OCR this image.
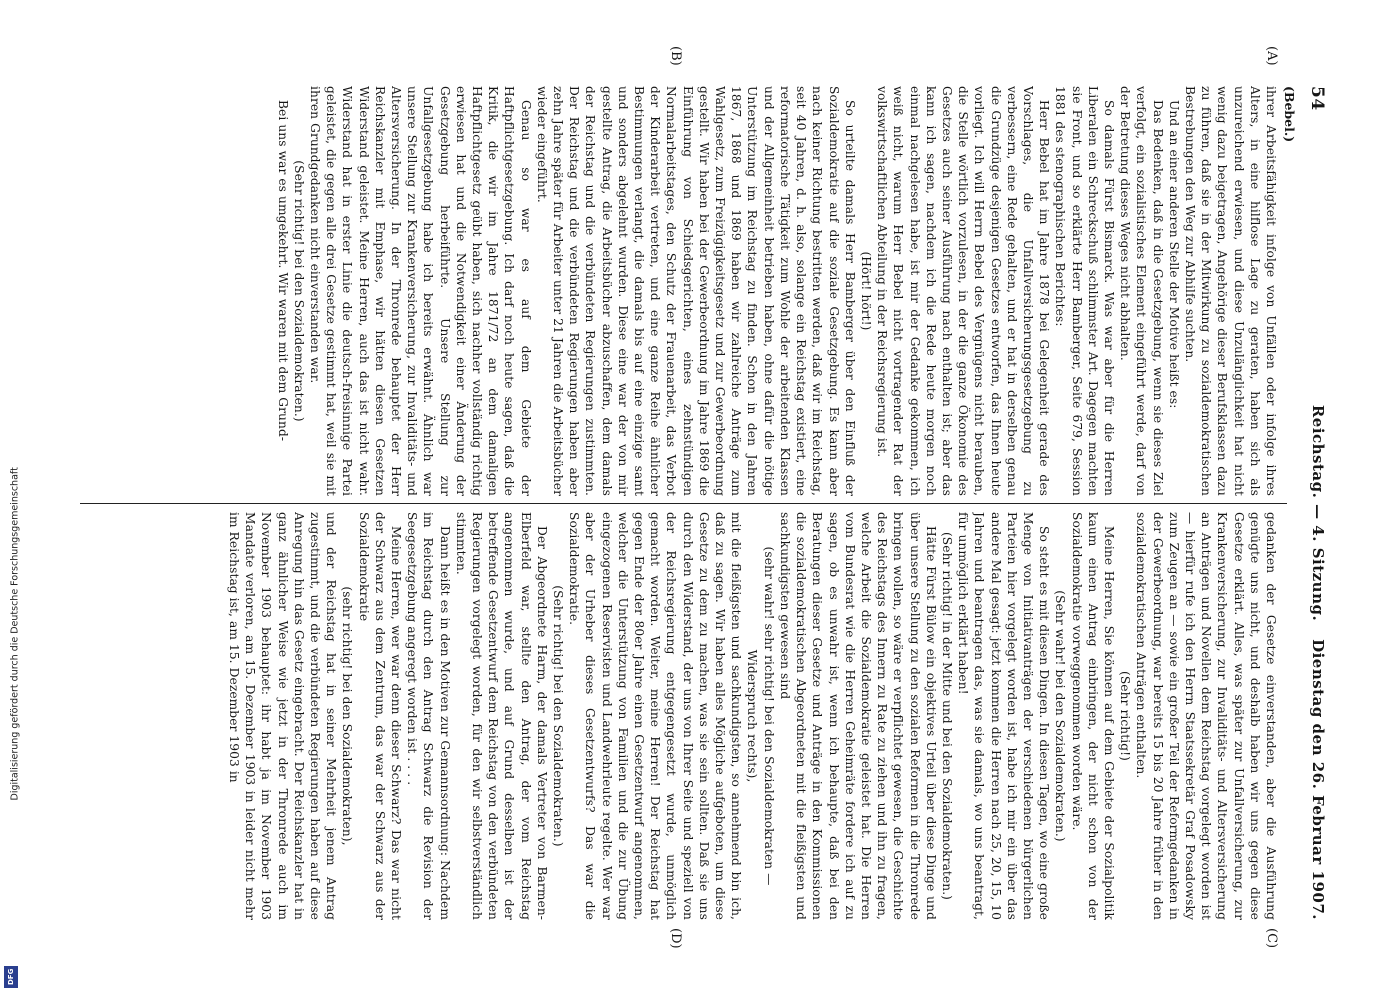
54
Reichstag. — 4. Sitzung.
Dienstag den 26. Februar 1907.
(Bebel.)
(A)
(B)
(C)
(D)

ihrer Arbeitsfähigkeit infolge von Unfällen oder infolge ihres Alters, in eine hilflose Lage zu geraten, haben sich als unzureichend erwiesen, und diese Unzulänglichkeit hat nicht wenig dazu beigetragen, Angehörige dieser Berufsklassen dazu zu führen, daß sie in der Mitwirkung zu sozialdemokratischen Bestrebungen den Weg zur Abhilfe suchten.

Und an einer anderen Stelle der Motive heißt es:

Das Bedenken, daß in die Gesetzgebung, wenn sie dieses Ziel verfolgt, ein sozialistisches Element eingeführt werde, darf von der Betretung dieses Weges nicht abhalten.

So damals Fürst Bismarck. Was war aber für die Herren Liberalen ein Schreckschuß schlimmster Art. Dagegen machten sie Front, und so erklärte Herr Bamberger, Seite 679, Session 1881 des stenographischen Berichtes:

Herr Bebel hat im Jahre 1878 bei Gelegenheit gerade des Vorschlages, die Unfallversicherungsgesetzgebung zu verbessern, eine Rede gehalten, und er hat in derselben genau die Grundzüge desjenigen Gesetzes entworfen, das Ihnen heute vorliegt. Ich will Herrn Bebel des Vergnügens nicht berauben, die Stelle wörtlich vorzulesen, in der die ganze Ökonomie des Gesetzes auch seiner Ausführung nach enthalten ist; aber das kann ich sagen, nachdem ich die Rede heute morgen noch einmal nachgelesen habe, ist mir der Gedanke gekommen, ich weiß nicht, warum Herr Bebel nicht vortragender Rat der volkswirtschaftlichen Abteilung in der Reichsregierung ist.

(Hört! hört!)

So urteilte damals Herr Bamberger über den Einfluß der Sozialdemokratie auf die soziale Gesetzgebung. Es kann aber nach keiner Richtung bestritten werden, daß wir im Reichstag, seit 40 Jahren, d. h. also, solange ein Reichstag existiert, eine reformatorische Tätigkeit zum Wohle der arbeitenden Klassen und der Allgemeinheit betrieben haben, ohne dafür die nötige Unterstützung im Reichstag zu finden. Schon in den Jahren 1867, 1868 und 1869 haben wir zahlreiche Anträge zum Wahlgesetz, zum Freizügigkeitsgesetz und zur Gewerbeordnung gestellt. Wir haben bei der Gewerbeordnung im Jahre 1869 die Einführung von Schiedsgerichten, eines zehnstündigen Normalarbeitstages, den Schutz der Frauenarbeit, das Verbot der Kinderarbeit vertreten, und eine ganze Reihe ähnlicher Bestimmungen verlangt, die damals bis auf eine einzige samt und sonders abgelehnt wurden. Diese eine war der von mir gestellte Antrag, die Arbeitsbücher abzuschaffen, dem damals der Reichstag und die verbündeten Regierungen zustimmten. Der Reichstag und die verbündeten Regierungen haben aber zehn Jahre später für Arbeiter unter 21 Jahren die Arbeitsbücher wieder eingeführt.

Genau so war es auf dem Gebiete der Haftpflichtgesetzgebung. Ich darf noch heute sagen, daß die Kritik, die wir im Jahre 1871/72 an dem damaligen Haftpflichtgesetz geübt haben, sich nachher vollständig richtig erwiesen hat und die Notwendigkeit einer Änderung der Gesetzgebung herbeiführte. Unsere Stellung zur Unfallgesetzgebung habe ich bereits erwähnt. Ähnlich war unsere Stellung zur Krankenversicherung, zur Invaliditäts- und Altersversicherung. In der Thronrede behauptet der Herr Reichskanzler mit Emphase, wir hätten diesen Gesetzen Widerstand geleistet. Meine Herren, auch das ist nicht wahr. Widerstand hat in erster Linie die deutsch-freisinnige Partei geleistet, die gegen alle drei Gesetze gestimmt hat, weil sie mit ihren Grundgedanken nicht einverstanden war.

(Sehr richtig! bei den Sozialdemokraten.)

Bei uns war es umgekehrt. Wir waren mit dem Grund-

gedanken der Gesetze einverstanden, aber die Ausführung genügte uns nicht, und deshalb haben wir uns gegen diese Gesetze erklärt. Alles, was später zur Unfallversicherung, zur Krankenversicherung, zur Invaliditäts- und Altersversicherung an Anträgen und Novellen dem Reichstag vorgelegt worden ist — hierfür rufe ich den Herrn Staatssekretär Graf Posadowsky zum Zeugen an — sowie ein großer Teil der Reformgedanken in der Gewerbeordnung, war bereits 15 bis 20 Jahre früher in den sozialdemokratischen Anträgen enthalten.

(Sehr richtig!)

Meine Herren, Sie können auf dem Gebiete der Sozialpolitik kaum einen Antrag einbringen, der nicht schon von der Sozialdemokratie vorweggenommen worden wäre.

(Sehr wahr! bei den Sozialdemokraten.)

So steht es mit diesen Dingen. In diesen Tagen, wo eine große Menge von Initiativanträgen der verschiedenen bürgerlichen Parteien hier vorgelegt worden ist, habe ich mir ein über das andere Mal gesagt: jetzt kommen die Herren nach 25, 20, 15, 10 Jahren und beantragen das, was sie damals, wo uns beantragt, für unmöglich erklärt haben!

(Sehr richtig! in der Mitte und bei den Sozialdemokraten.)

Hätte Fürst Bülow ein objektives Urteil über diese Dinge und über unsere Stellung zu den sozialen Reformen in die Thronrede bringen wollen, so wäre er verpflichtet gewesen, die Geschichte des Reichstags des Innern zu Rate zu ziehen und ihn zu fragen, welche Arbeit die Sozialdemokratie geleistet hat. Die Herren vom Bundesrat wie die Herren Geheimräte fordere ich auf zu sagen, ob es unwahr ist, wenn ich behaupte, daß bei den Beratungen dieser Gesetze und Anträge in den Kommissionen die sozialdemokratischen Abgeordneten mit die fleißigsten und sachkundigsten gewesen sind

(sehr wahr! sehr richtig! bei den Sozialdemokraten — Widerspruch rechts),

mit die fleißigsten und sachkundigsten, so annehmend bin ich, daß zu sagen. Wir haben alles Mögliche aufgeboten, um diese Gesetze zu dem zu machen, was sie sein sollten. Daß sie uns durch den Widerstand, der uns von Ihrer Seite und speziell von der Reichsregierung entgegengesetzt wurde, unmöglich gemacht worden. Weiter, meine Herren! Der Reichstag hat gegen Ende der 80er Jahre einen Gesetzentwurf angenommen, welcher die Unterstützung von Familien und die zur Übung eingezogenen Reservisten und Landwehrleute regelte. Wer war aber der Urheber dieses Gesetzentwurfs? Das war die Sozialdemokratie.

(Sehr richtig! bei den Sozialdemokraten.)

Der Abgeordnete Harm, der damals Vertreter von Barmen-Elberfeld war, stellte den Antrag, der vom Reichstag angenommen wurde, und auf Grund desselben ist der betreffende Gesetzentwurf dem Reichstag von den verbündeten Regierungen vorgelegt worden, für den wir selbstverständlich stimmten.

Dann heißt es in den Motiven zur Gemannsordnung: Nachdem im Reichstag durch den Antrag Schwarz die Revision der Seegesetzgebung angeregt worden ist . . . .

Meine Herren, wer war denn dieser Schwarz? Das war nicht der Schwarz aus dem Zentrum, das war der Schwarz aus der Sozialdemokratie

(sehr richtig! bei den Sozialdemokraten),

und der Reichstag hat in seiner Mehrheit jenem Antrag zugestimmt, und die verbündeten Regierungen haben auf diese Anregung hin das Gesetz eingebracht. Der Reichskanzler hat in ganz ähnlicher Weise wie jetzt in der Thronrede auch im November 1903 behauptet: ihr habt ja im November 1903 Mandate verloren, am 15. Dezember 1903 in leider nicht mehr im Reichstag ist, am 15. Dezember 1903 in

Digitalisierung gefördert durch die Deutsche Forschungsgemeinschaft
DFG
